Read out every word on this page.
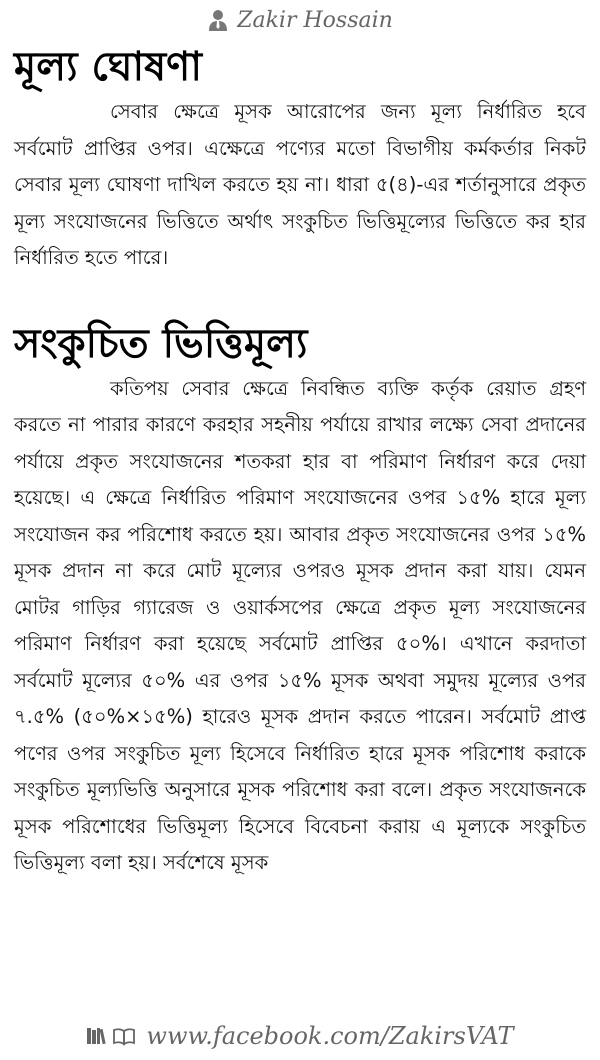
Zakir Hossain
মূল্য ঘোষণা

সেবার ক্ষেত্রে মূসক আরোপের জন্য মূল্য নির্ধারিত হবে সর্বমোট প্রাপ্তির ওপর। এক্ষেত্রে পণ্যের মতো বিভাগীয় কর্মকর্তার নিকট সেবার মূল্য ঘোষণা দাখিল করতে হয় না। ধারা ৫(৪)-এর শর্তানুসারে প্রকৃত মূল্য সংযোজনের ভিত্তিতে অর্থাৎ সংকুচিত ভিত্তিমূল্যের ভিত্তিতে কর হার নির্ধারিত হতে পারে।

সংকুচিত ভিত্তিমূল্য

কতিপয় সেবার ক্ষেত্রে নিবন্ধিত ব্যক্তি কর্তৃক রেয়াত গ্রহণ করতে না পারার কারণে করহার সহনীয় পর্যায়ে রাখার লক্ষ্যে সেবা প্রদানের পর্যায়ে প্রকৃত সংযোজনের শতকরা হার বা পরিমাণ নির্ধারণ করে দেয়া হয়েছে। এ ক্ষেত্রে নির্ধারিত পরিমাণ সংযোজনের ওপর ১৫% হারে মূল্য সংযোজন কর পরিশোধ করতে হয়। আবার প্রকৃত সংযোজনের ওপর ১৫% মূসক প্রদান না করে মোট মূল্যের ওপরও মূসক প্রদান করা যায়। যেমন মোটর গাড়ির গ্যারেজ ও ওয়ার্কসপের ক্ষেত্রে প্রকৃত মূল্য সংযোজনের পরিমাণ নির্ধারণ করা হয়েছে সর্বমোট প্রাপ্তির ৫০%। এখানে করদাতা সর্বমোট মূল্যের ৫০% এর ওপর ১৫% মূসক অথবা সমুদয় মূল্যের ওপর ৭.৫% (৫০%×১৫%) হারেও মূসক প্রদান করতে পারেন। সর্বমোট প্রাপ্ত পণের ওপর সংকুচিত মূল্য হিসেবে নির্ধারিত হারে মূসক পরিশোধ করাকে সংকুচিত মূল্যভিত্তি অনুসারে মূসক পরিশোধ করা বলে। প্রকৃত সংযোজনকে মূসক পরিশোধের ভিত্তিমূল্য হিসেবে বিবেচনা করায় এ মূল্যকে সংকুচিত ভিত্তিমূল্য বলা হয়। সর্বশেষে মূসক

www.facebook.com/ZakirsVAT
